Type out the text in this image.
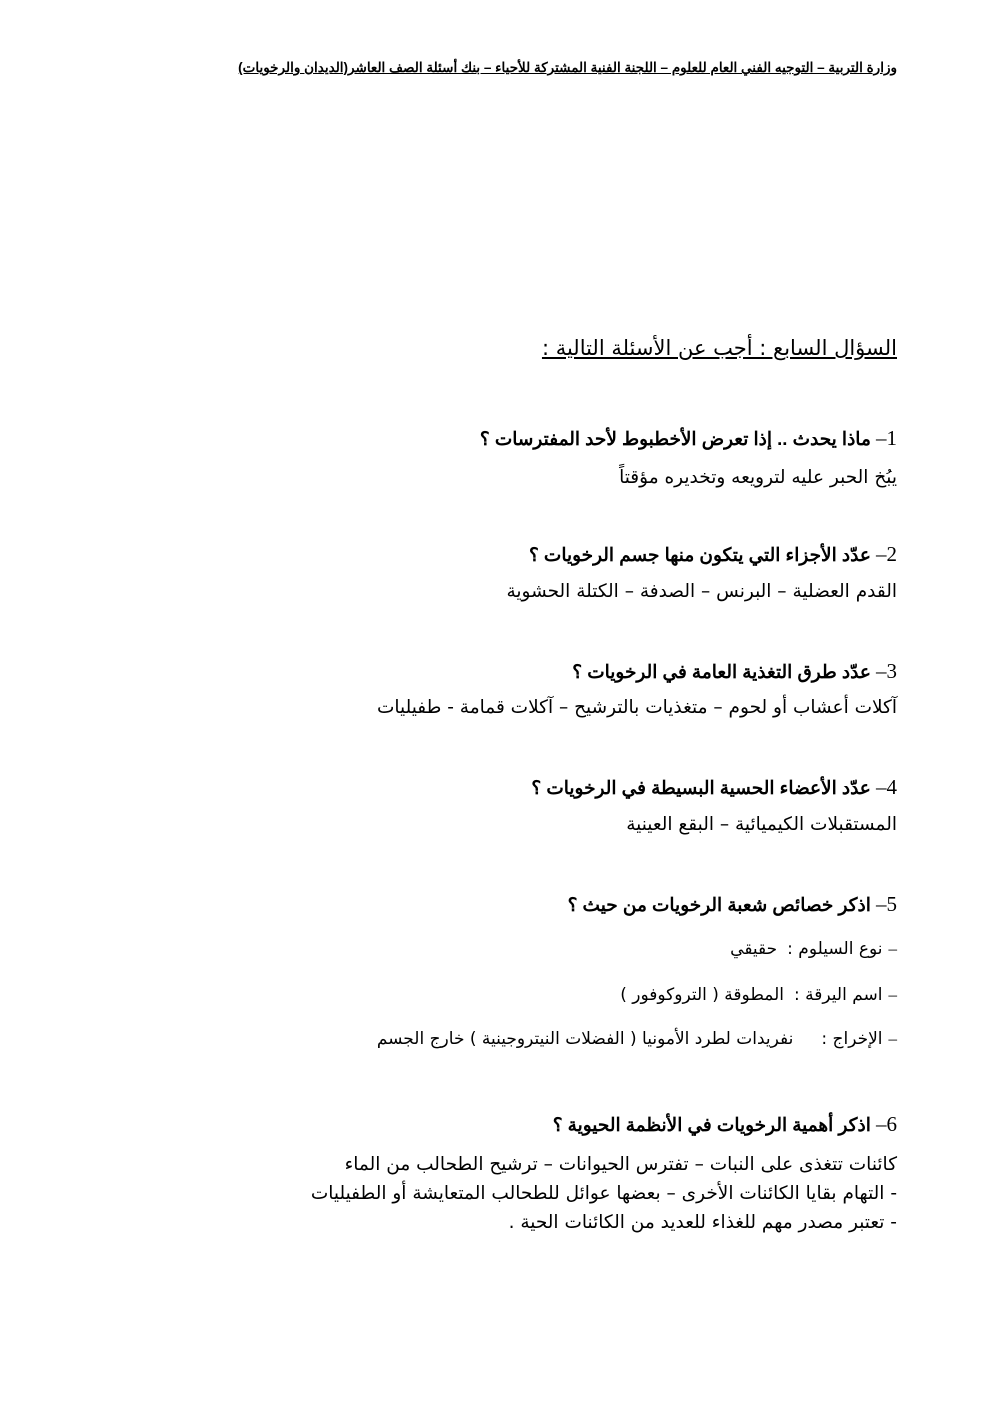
وزارة التربية – التوجيه الفني العام للعلوم – اللجنة الفنية المشتركة للأحياء – بنك أسئلة الصف العاشر(الديدان والرخويات)
السؤال السابع : أجب عن الأسئلة التالية :
1– ماذا يحدث .. إذا تعرض الأخطبوط لأحد المفترسات ؟
يبُخ الحبر عليه لترويعه وتخديره مؤقتاً
2– عدّد الأجزاء التي يتكون منها جسم الرخويات ؟
القدم العضلية – البرنس – الصدفة – الكتلة الحشوية
3– عدّد طرق التغذية العامة في الرخويات ؟
آكلات أعشاب أو لحوم – متغذيات بالترشيح – آكلات قمامة - طفيليات
4– عدّد الأعضاء الحسية البسيطة في الرخويات ؟
المستقبلات الكيميائية – البقع العينية
5– اذكر خصائص شعبة الرخويات من حيث ؟
–نوع السيلوم :حقيقي
–اسم اليرقة :المطوقة ( التروكوفور )
–الإخراج :نفريدات لطرد الأمونيا ( الفضلات النيتروجينية ) خارج الجسم
6– اذكر أهمية الرخويات في الأنظمة الحيوية ؟
كائنات تتغذى على النبات – تفترس الحيوانات – ترشيح الطحالب من الماء
- التهام بقايا الكائنات الأخرى – بعضها عوائل للطحالب المتعايشة أو الطفيليات
- تعتبر مصدر مهم للغذاء للعديد من الكائنات الحية .
